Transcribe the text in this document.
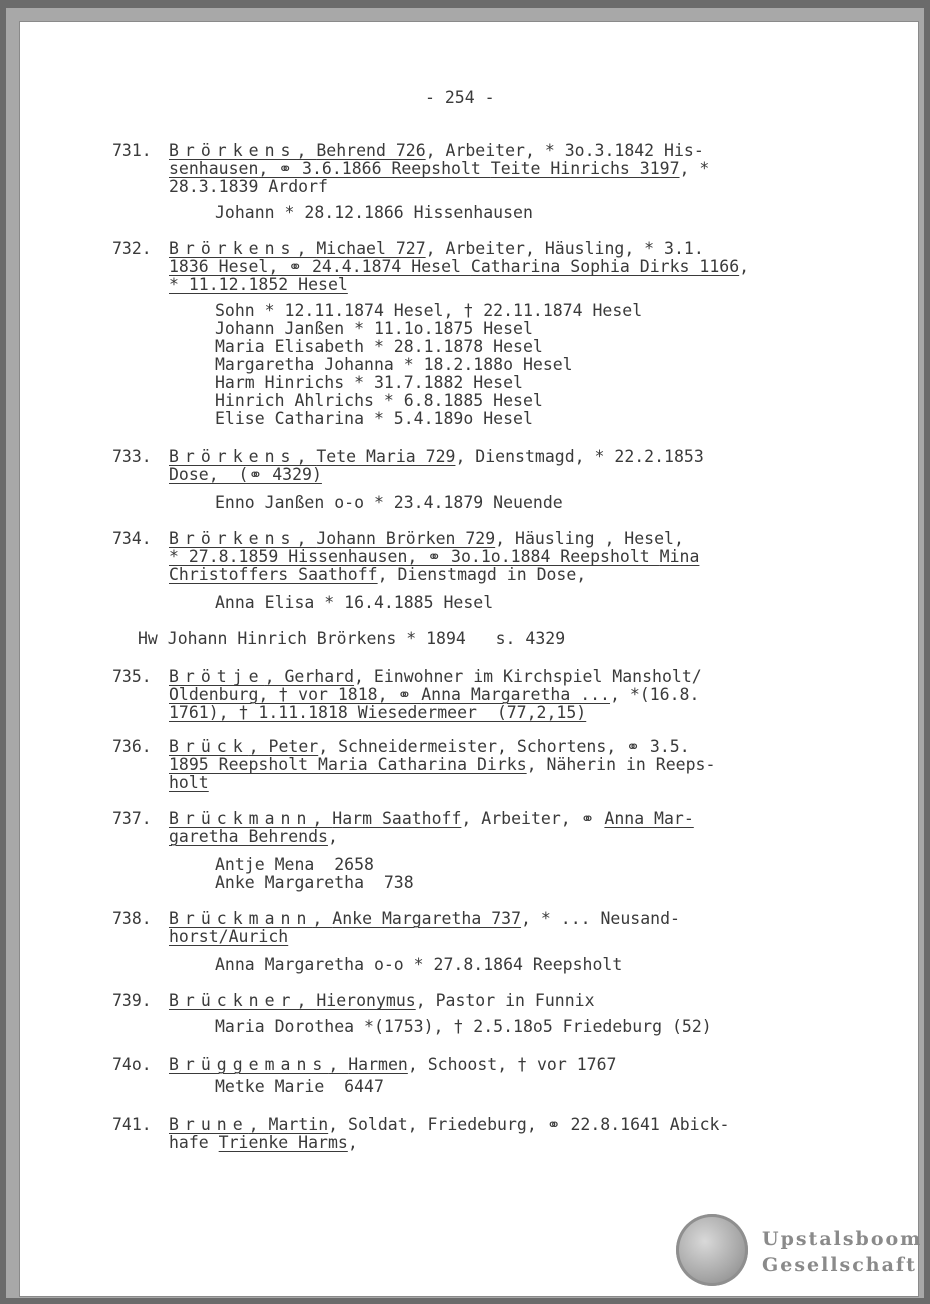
- 254 -
731. Brörkens, Behrend 726, Arbeiter, * 3o.3.1842 His-
senhausen, ⚭ 3.6.1866 Reepsholt Teite Hinrichs 3197, *
28.3.1839 Ardorf
Johann * 28.12.1866 Hissenhausen
732. Brörkens, Michael 727, Arbeiter, Häusling, * 3.1.
1836 Hesel, ⚭ 24.4.1874 Hesel Catharina Sophia Dirks 1166,
* 11.12.1852 Hesel
Sohn * 12.11.1874 Hesel, † 22.11.1874 Hesel
Johann Janßen * 11.1o.1875 Hesel
Maria Elisabeth * 28.1.1878 Hesel
Margaretha Johanna * 18.2.188o Hesel
Harm Hinrichs * 31.7.1882 Hesel
Hinrich Ahlrichs * 6.8.1885 Hesel
Elise Catharina * 5.4.189o Hesel
733. Brörkens, Tete Maria 729, Dienstmagd, * 22.2.1853
Dose,  (⚭ 4329)
Enno Janßen o-o * 23.4.1879 Neuende
734. Brörkens, Johann Brörken 729, Häusling , Hesel,
* 27.8.1859 Hissenhausen, ⚭ 3o.1o.1884 Reepsholt Mina
Christoffers Saathoff, Dienstmagd in Dose,
Anna Elisa * 16.4.1885 Hesel
Hw Johann Hinrich Brörkens * 1894   s. 4329
735. Brötje, Gerhard, Einwohner im Kirchspiel Mansholt/
Oldenburg, † vor 1818, ⚭ Anna Margaretha ..., *(16.8.
1761), † 1.11.1818 Wiesedermeer  (77,2,15)
736. Brück, Peter, Schneidermeister, Schortens, ⚭ 3.5.
1895 Reepsholt Maria Catharina Dirks, Näherin in Reeps-
holt
737. Brückmann, Harm Saathoff, Arbeiter, ⚭ Anna Mar-
garetha Behrends,
Antje Mena  2658
Anke Margaretha  738
738. Brückmann, Anke Margaretha 737, * ... Neusand-
horst/Aurich
Anna Margaretha o-o * 27.8.1864 Reepsholt
739. Brückner, Hieronymus, Pastor in Funnix
Maria Dorothea *(1753), † 2.5.18o5 Friedeburg (52)
74o. Brüggemans, Harmen, Schoost, † vor 1767
Metke Marie  6447
741. Brune, Martin, Soldat, Friedeburg, ⚭ 22.8.1641 Abick-
hafe Trienke Harms,
Upstalsboom
Gesellschaft
